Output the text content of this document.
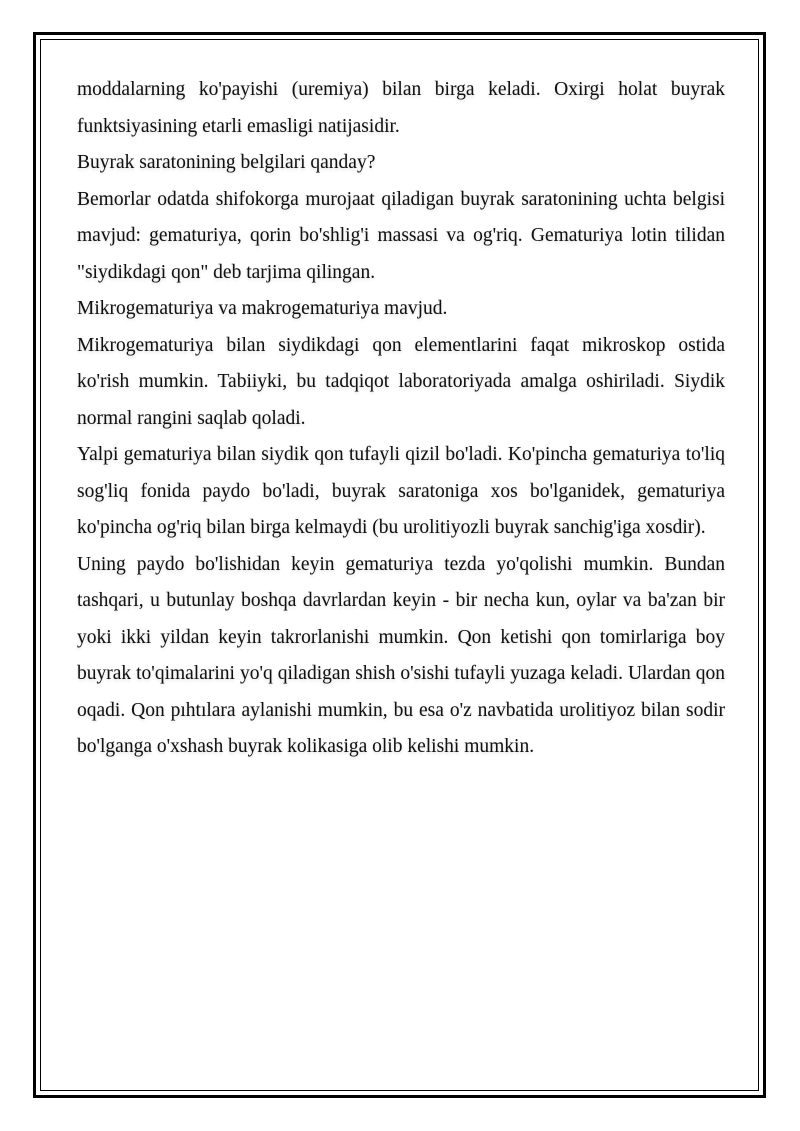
moddalarning ko'payishi (uremiya) bilan birga keladi. Oxirgi holat buyrak funktsiyasining etarli emasligi natijasidir.

Buyrak saratonining belgilari qanday?

Bemorlar odatda shifokorga murojaat qiladigan buyrak saratonining uchta belgisi mavjud: gematuriya, qorin bo'shlig'i massasi va og'riq. Gematuriya lotin tilidan "siydikdagi qon" deb tarjima qilingan.

Mikrogematuriya va makrogematuriya mavjud.

Mikrogematuriya bilan siydikdagi qon elementlarini faqat mikroskop ostida ko'rish mumkin. Tabiiyki, bu tadqiqot laboratoriyada amalga oshiriladi. Siydik normal rangini saqlab qoladi.

Yalpi gematuriya bilan siydik qon tufayli qizil bo'ladi. Ko'pincha gematuriya to'liq sog'liq fonida paydo bo'ladi, buyrak saratoniga xos bo'lganidek, gematuriya ko'pincha og'riq bilan birga kelmaydi (bu urolitiyozli buyrak sanchig'iga xosdir).

Uning paydo bo'lishidan keyin gematuriya tezda yo'qolishi mumkin. Bundan tashqari, u butunlay boshqa davrlardan keyin - bir necha kun, oylar va ba'zan bir yoki ikki yildan keyin takrorlanishi mumkin. Qon ketishi qon tomirlariga boy buyrak to'qimalarini yo'q qiladigan shish o'sishi tufayli yuzaga keladi. Ulardan qon oqadi. Qon pıhtılara aylanishi mumkin, bu esa o'z navbatida urolitiyoz bilan sodir bo'lganga o'xshash buyrak kolikasiga olib kelishi mumkin.
